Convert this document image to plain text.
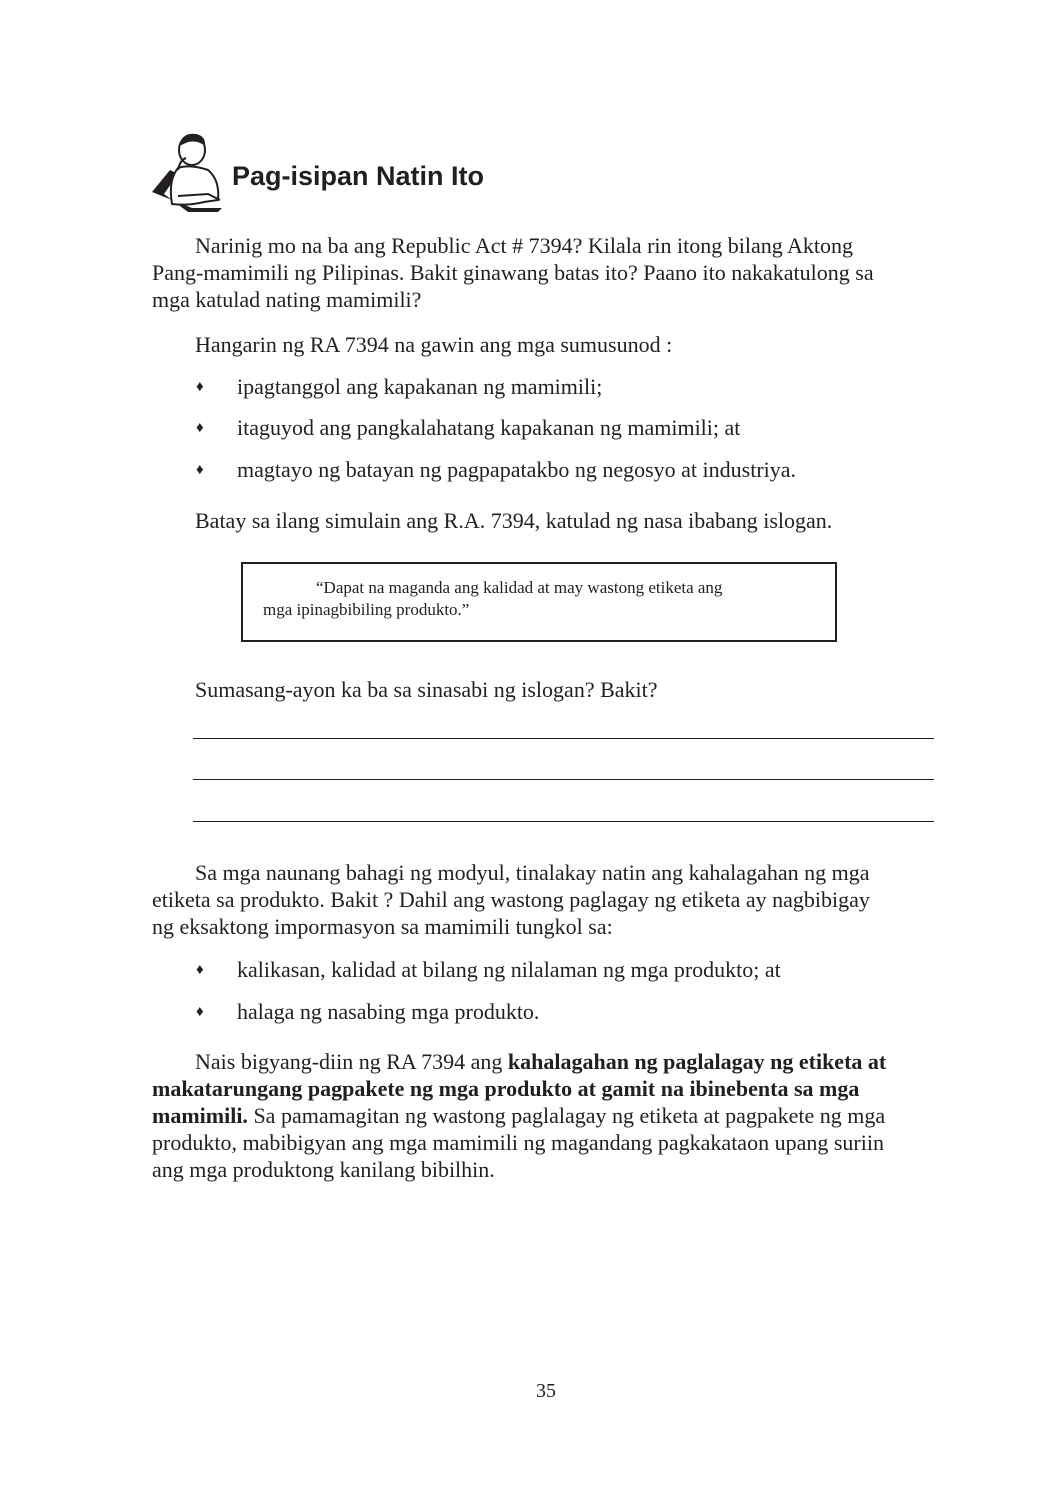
Pag-isipan Natin Ito
Narinig mo na ba ang Republic Act # 7394? Kilala rin itong bilang Aktong
Pang-mamimili ng Pilipinas. Bakit ginawang batas ito? Paano ito nakakatulong sa
mga katulad nating mamimili?
Hangarin ng RA 7394 na gawin ang mga sumusunod :
♦ ipagtanggol ang kapakanan ng mamimili;
♦ itaguyod ang pangkalahatang kapakanan ng mamimili; at
♦ magtayo ng batayan ng pagpapatakbo ng negosyo at industriya.
Batay sa ilang simulain ang R.A. 7394, katulad ng nasa ibabang islogan.
“Dapat na maganda ang kalidad at may wastong etiketa ang
mga ipinagbibiling produkto.”
Sumasang-ayon ka ba sa sinasabi ng islogan? Bakit?
Sa mga naunang bahagi ng modyul, tinalakay natin ang kahalagahan ng mga
etiketa sa produkto. Bakit ? Dahil ang wastong paglagay ng etiketa ay nagbibigay
ng eksaktong impormasyon sa mamimili tungkol sa:
♦ kalikasan, kalidad at bilang ng nilalaman ng mga produkto; at
♦ halaga ng nasabing mga produkto.
Nais bigyang-diin ng RA 7394 ang kahalagahan ng paglalagay ng etiketa at
makatarungang pagpakete ng mga produkto at gamit na ibinebenta sa mga
mamimili. Sa pamamagitan ng wastong paglalagay ng etiketa at pagpakete ng mga
produkto, mabibigyan ang mga mamimili ng magandang pagkakataon upang suriin
ang mga produktong kanilang bibilhin.
35
